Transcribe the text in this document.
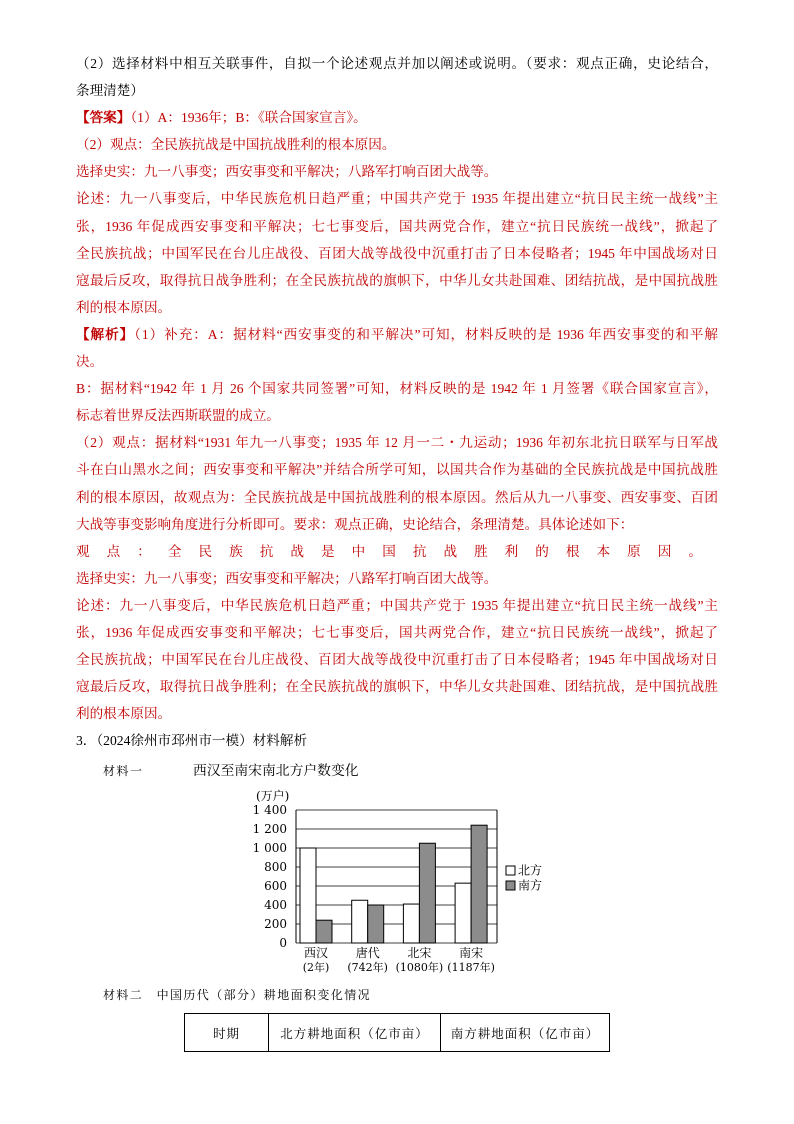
（2）选择材料中相互关联事件，自拟一个论述观点并加以阐述或说明。（要求：观点正确，史论结合，
条理清楚）
【答案】（1）A：1936年；B：《联合国家宣言》。
（2）观点：全民族抗战是中国抗战胜利的根本原因。
选择史实：九一八事变；西安事变和平解决；八路军打响百团大战等。
论述：九一八事变后，中华民族危机日趋严重；中国共产党于 1935 年提出建立“抗日民主统一战线”主
张，1936 年促成西安事变和平解决；七七事变后，国共两党合作，建立“抗日民族统一战线”，掀起了
全民族抗战；中国军民在台儿庄战役、百团大战等战役中沉重打击了日本侵略者；1945 年中国战场对日
寇最后反攻，取得抗日战争胜利；在全民族抗战的旗帜下，中华儿女共赴国难、团结抗战，是中国抗战胜
利的根本原因。
【解析】（1）补充：A：据材料“西安事变的和平解决”可知，材料反映的是 1936 年西安事变的和平解
决。
B：据材料“1942 年 1 月 26 个国家共同签署”可知，材料反映的是 1942 年 1 月签署《联合国家宣言》，
标志着世界反法西斯联盟的成立。
（2）观点：据材料“1931 年九一八事变；1935 年 12 月一二・九运动；1936 年初东北抗日联军与日军战
斗在白山黑水之间；西安事变和平解决”并结合所学可知，以国共合作为基础的全民族抗战是中国抗战胜
利的根本原因，故观点为：全民族抗战是中国抗战胜利的根本原因。然后从九一八事变、西安事变、百团
大战等事变影响角度进行分析即可。要求：观点正确，史论结合，条理清楚。具体论述如下：
观点：全民族抗战是中国抗战胜利的根本原因。
选择史实：九一八事变；西安事变和平解决；八路军打响百团大战等。
论述：九一八事变后，中华民族危机日趋严重；中国共产党于 1935 年提出建立“抗日民主统一战线”主
张，1936 年促成西安事变和平解决；七七事变后，国共两党合作，建立“抗日民族统一战线”，掀起了
全民族抗战；中国军民在台儿庄战役、百团大战等战役中沉重打击了日本侵略者；1945 年中国战场对日
寇最后反攻，取得抗日战争胜利；在全民族抗战的旗帜下，中华儿女共赴国难、团结抗战，是中国抗战胜
利的根本原因。
3．（2024徐州市邳州市一模）材料解析
材料一	西汉至南宋南北方户数变化
(万户)
0
200
400
600
800
1 000
1 200
1 400
西汉
(2年)
唐代
(742年)
北宋
(1080年)
南宋
(1187年)
北方
南方
材料二　中国历代（部分）耕地面积变化情况
时期	北方耕地面积（亿市亩）	南方耕地面积（亿市亩）
